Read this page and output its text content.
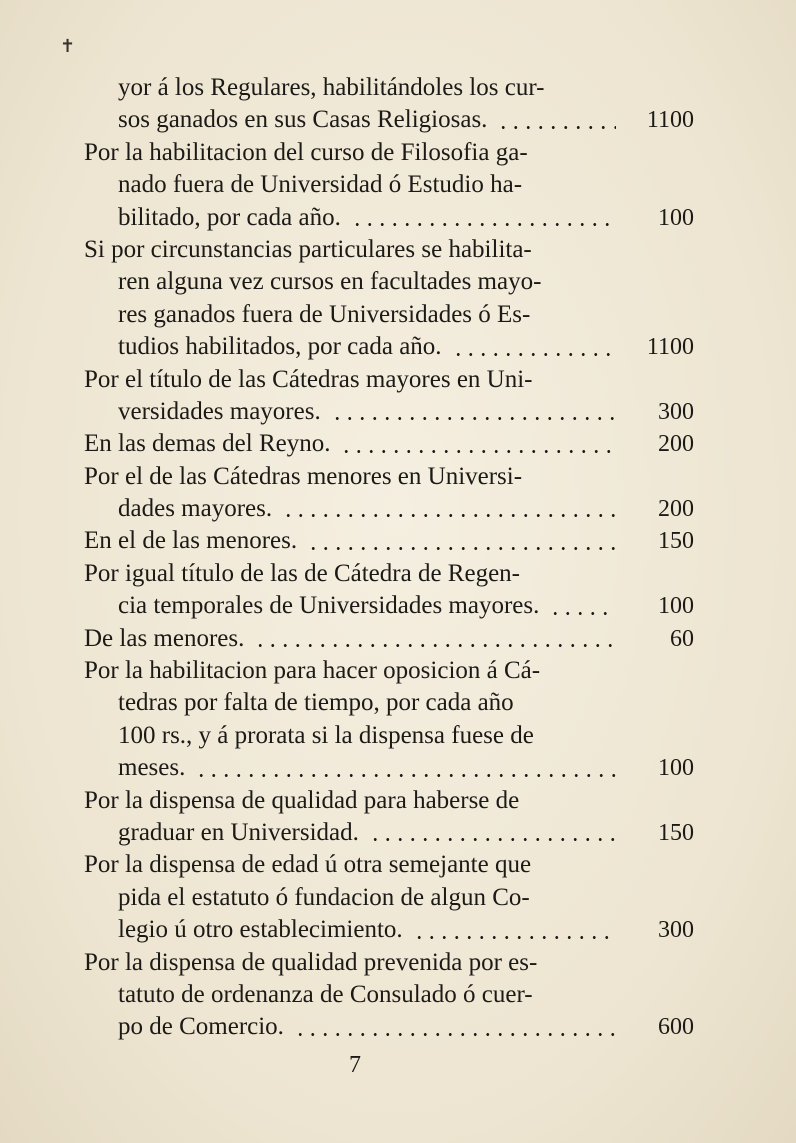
✝
yor á los Regulares, habilitándoles los cur-
sos ganados en sus Casas Religiosas.	1100
Por la habilitacion del curso de Filosofia ga-
nado fuera de Universidad ó Estudio ha-
bilitado, por cada año.	100
Si por circunstancias particulares se habilita-
ren alguna vez cursos en facultades mayo-
res ganados fuera de Universidades ó Es-
tudios habilitados, por cada año.	1100
Por el título de las Cátedras mayores en Uni-
versidades mayores.	300
En las demas del Reyno.	200
Por el de las Cátedras menores en Universi-
dades mayores.	200
En el de las menores.	150
Por igual título de las de Cátedra de Regen-
cia temporales de Universidades mayores.	100
De las menores.	60
Por la habilitacion para hacer oposicion á Cá-
tedras por falta de tiempo, por cada año
100 rs., y á prorata si la dispensa fuese de
meses.	100
Por la dispensa de qualidad para haberse de
graduar en Universidad.	150
Por la dispensa de edad ú otra semejante que
pida el estatuto ó fundacion de algun Co-
legio ú otro establecimiento.	300
Por la dispensa de qualidad prevenida por es-
tatuto de ordenanza de Consulado ó cuer-
po de Comercio.	600
7
